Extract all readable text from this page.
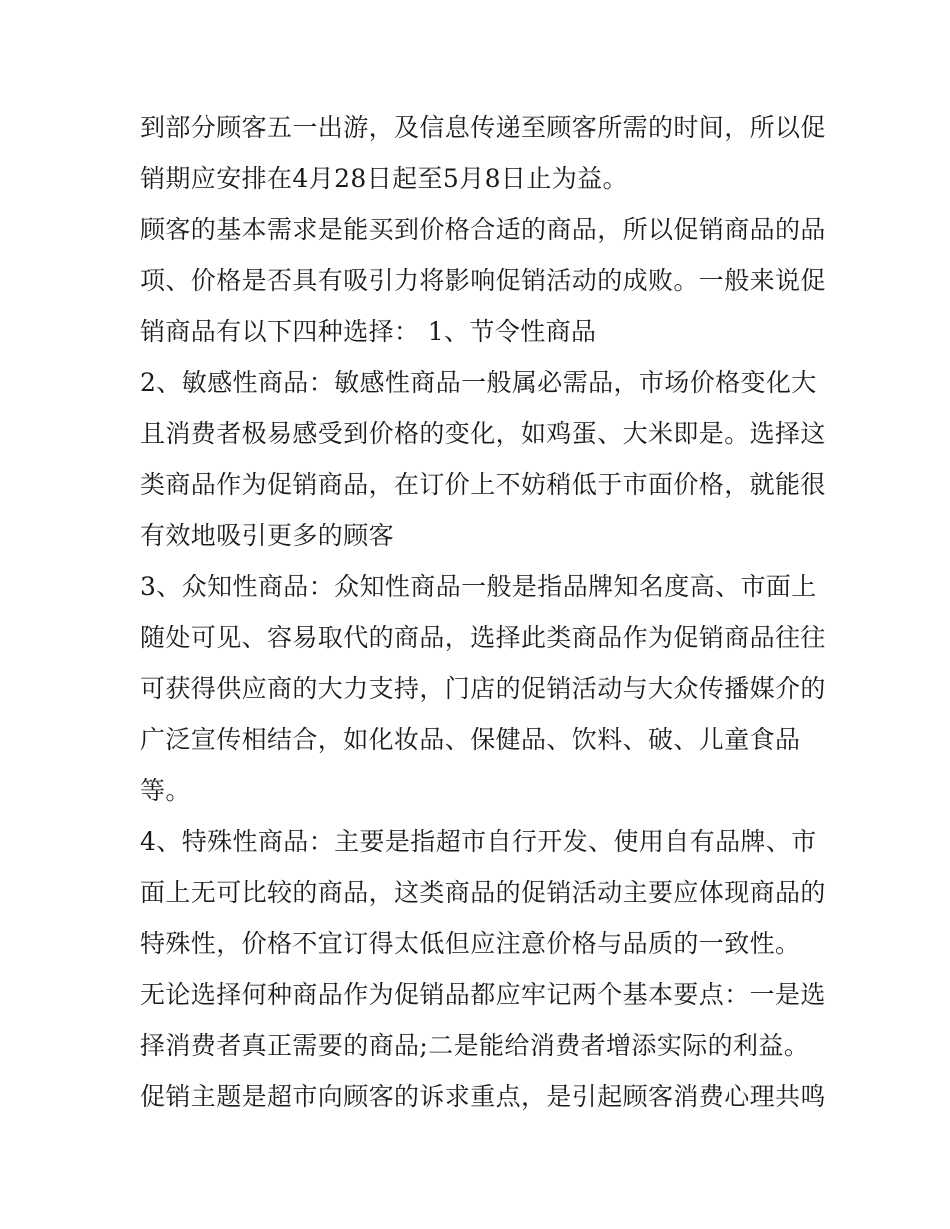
到部分顾客五一出游，及信息传递至顾客所需的时间，所以促
销期应安排在4月28日起至5月8日止为益。
顾客的基本需求是能买到价格合适的商品，所以促销商品的品
项、价格是否具有吸引力将影响促销活动的成败。一般来说促
销商品有以下四种选择： 1、节令性商品
2、敏感性商品：敏感性商品一般属必需品，市场价格变化大
且消费者极易感受到价格的变化，如鸡蛋、大米即是。选择这
类商品作为促销商品，在订价上不妨稍低于市面价格，就能很
有效地吸引更多的顾客
3、众知性商品：众知性商品一般是指品牌知名度高、市面上
随处可见、容易取代的商品，选择此类商品作为促销商品往往
可获得供应商的大力支持，门店的促销活动与大众传播媒介的
广泛宣传相结合，如化妆品、保健品、饮料、破、儿童食品
等。
4、特殊性商品：主要是指超市自行开发、使用自有品牌、市
面上无可比较的商品，这类商品的促销活动主要应体现商品的
特殊性，价格不宜订得太低但应注意价格与品质的一致性。
无论选择何种商品作为促销品都应牢记两个基本要点：一是选
择消费者真正需要的商品;二是能给消费者增添实际的利益。
促销主题是超市向顾客的诉求重点，是引起顾客消费心理共鸣
